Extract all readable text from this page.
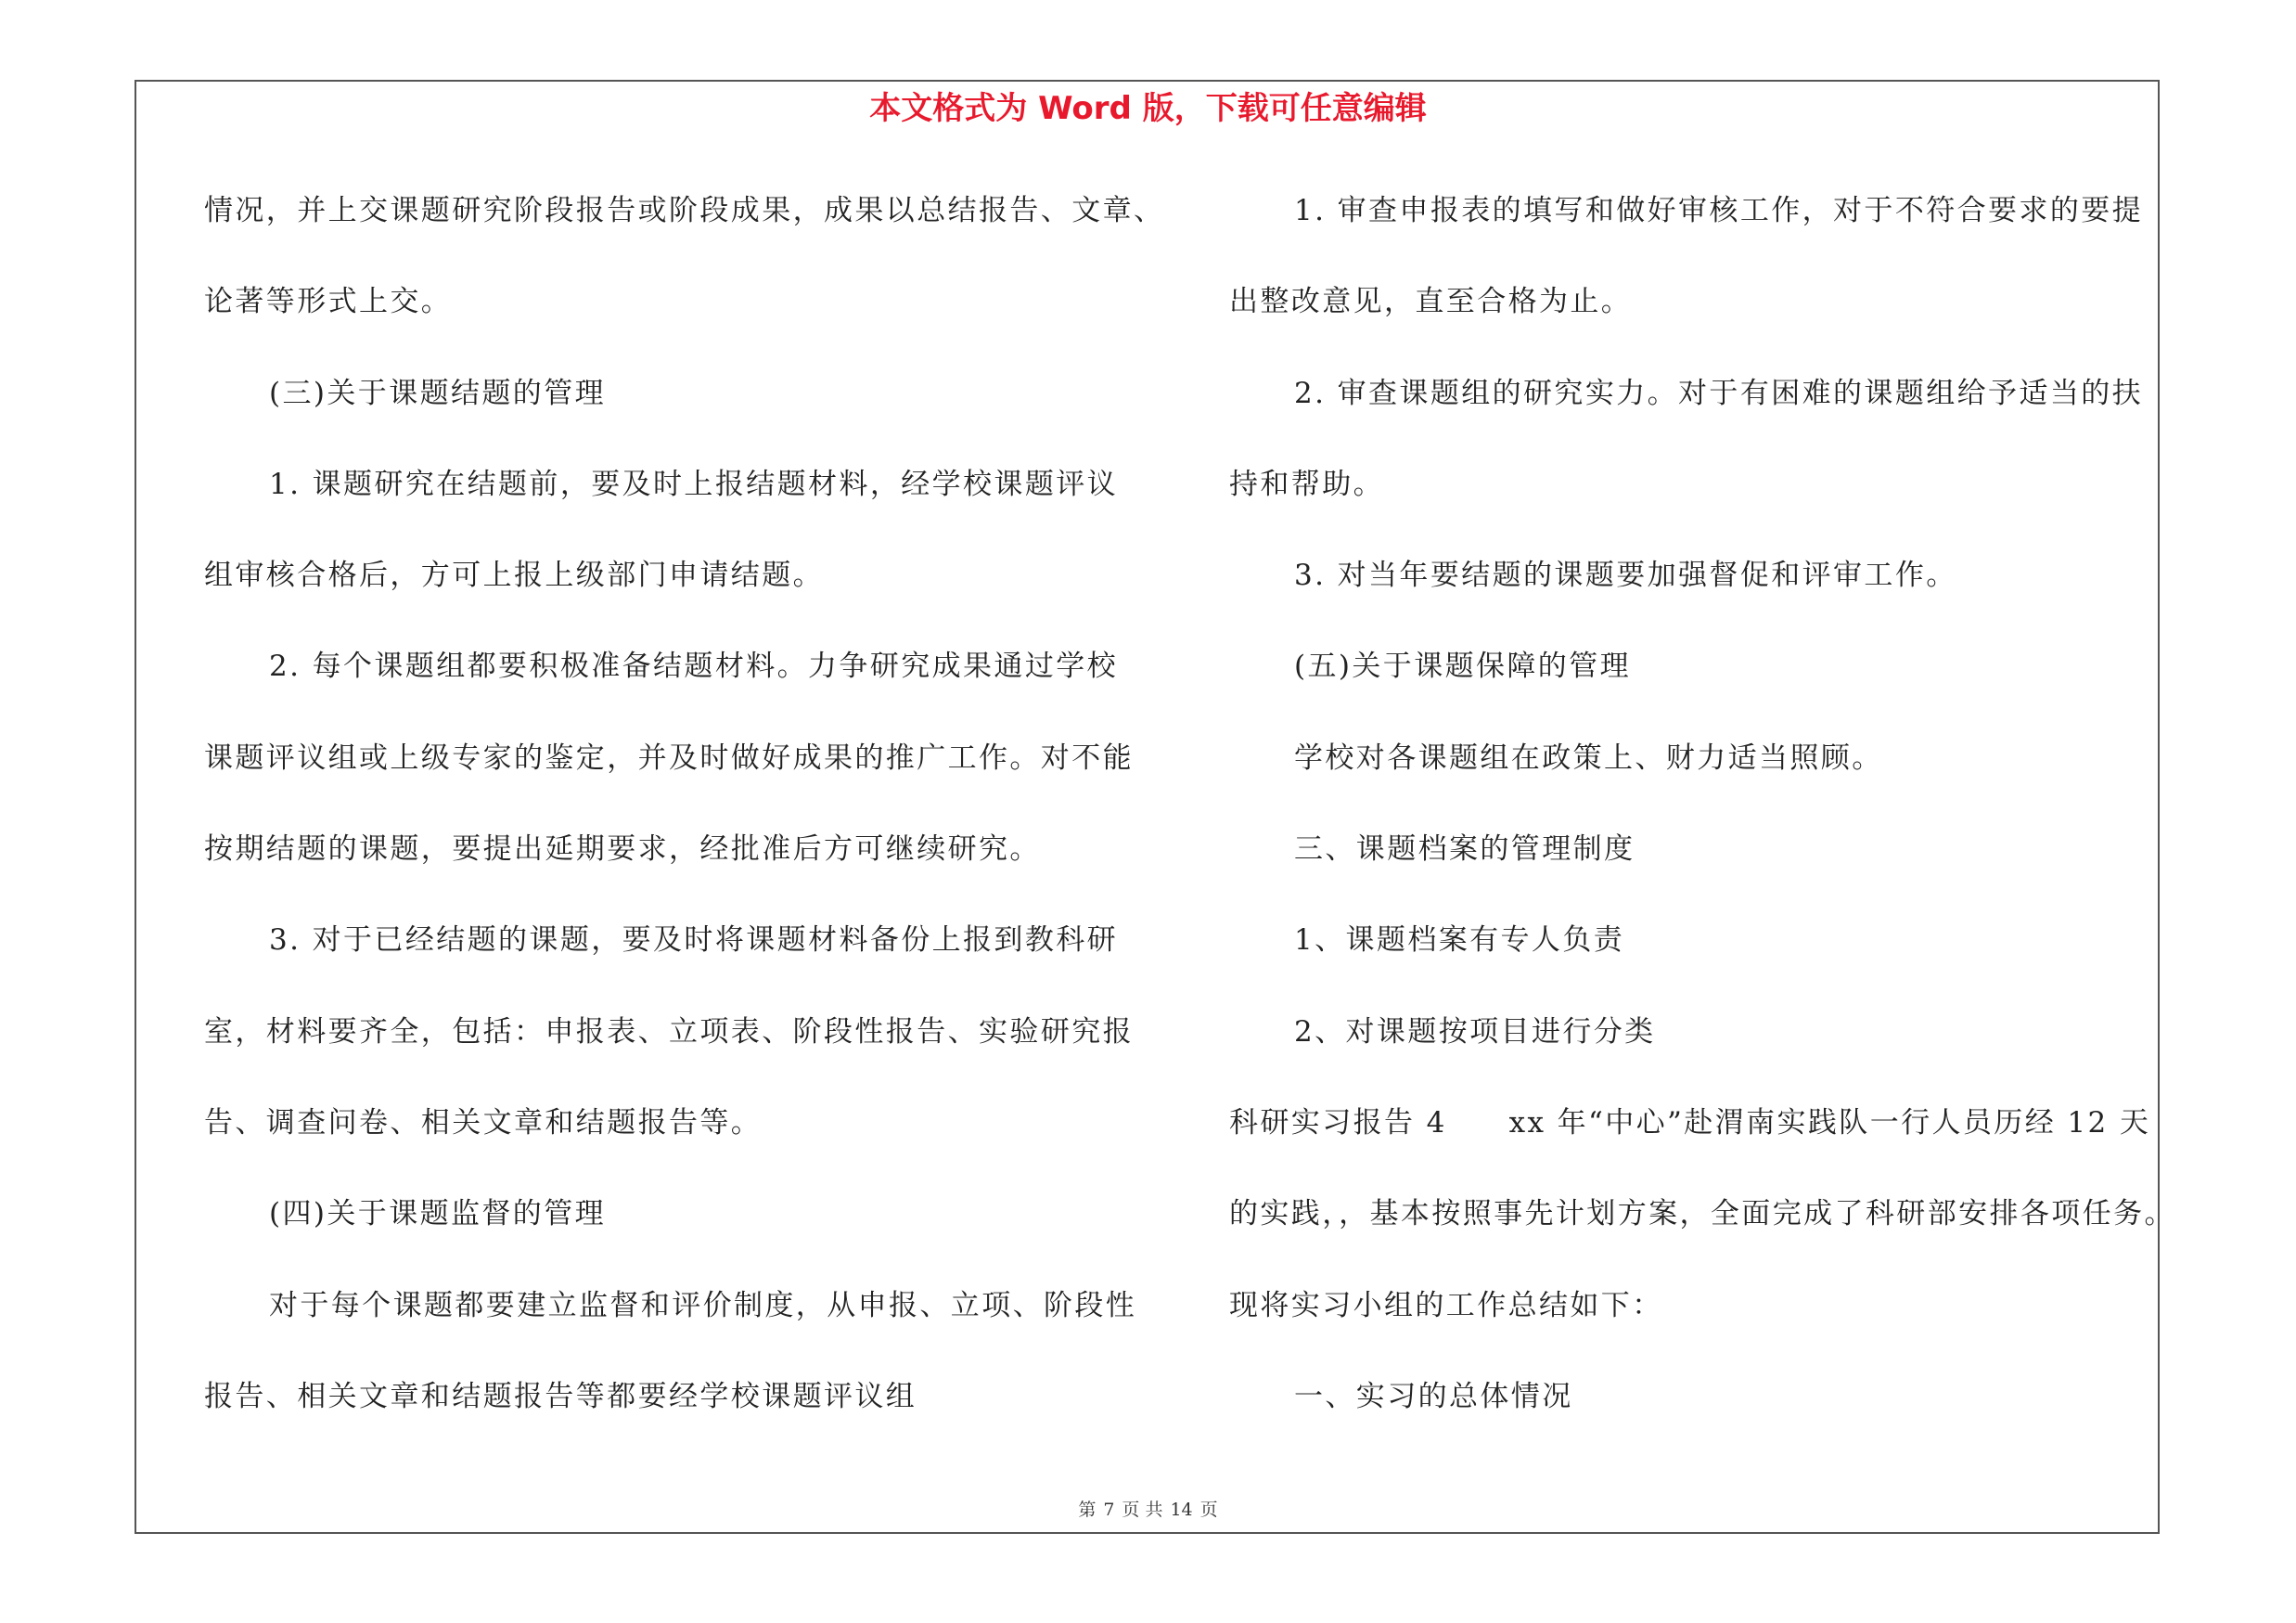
本文格式为 Word 版，下载可任意编辑
情况，并上交课题研究阶段报告或阶段成果，成果以总结报告、文章、
论著等形式上交。
(三)关于课题结题的管理
1. 课题研究在结题前，要及时上报结题材料，经学校课题评议
组审核合格后，方可上报上级部门申请结题。
2. 每个课题组都要积极准备结题材料。力争研究成果通过学校
课题评议组或上级专家的鉴定，并及时做好成果的推广工作。对不能
按期结题的课题，要提出延期要求，经批准后方可继续研究。
3. 对于已经结题的课题，要及时将课题材料备份上报到教科研
室，材料要齐全，包括：申报表、立项表、阶段性报告、实验研究报
告、调查问卷、相关文章和结题报告等。
(四)关于课题监督的管理
对于每个课题都要建立监督和评价制度，从申报、立项、阶段性
报告、相关文章和结题报告等都要经学校课题评议组
1. 审查申报表的填写和做好审核工作，对于不符合要求的要提
出整改意见，直至合格为止。
2. 审查课题组的研究实力。对于有困难的课题组给予适当的扶
持和帮助。
3. 对当年要结题的课题要加强督促和评审工作。
(五)关于课题保障的管理
学校对各课题组在政策上、财力适当照顾。
三、课题档案的管理制度
1、课题档案有专人负责
2、对课题按项目进行分类
科研实习报告 4　　xx 年“中心”赴渭南实践队一行人员历经 12 天
的实践，，基本按照事先计划方案，全面完成了科研部安排各项任务。
现将实习小组的工作总结如下：
一、实习的总体情况
第 7 页 共 14 页
